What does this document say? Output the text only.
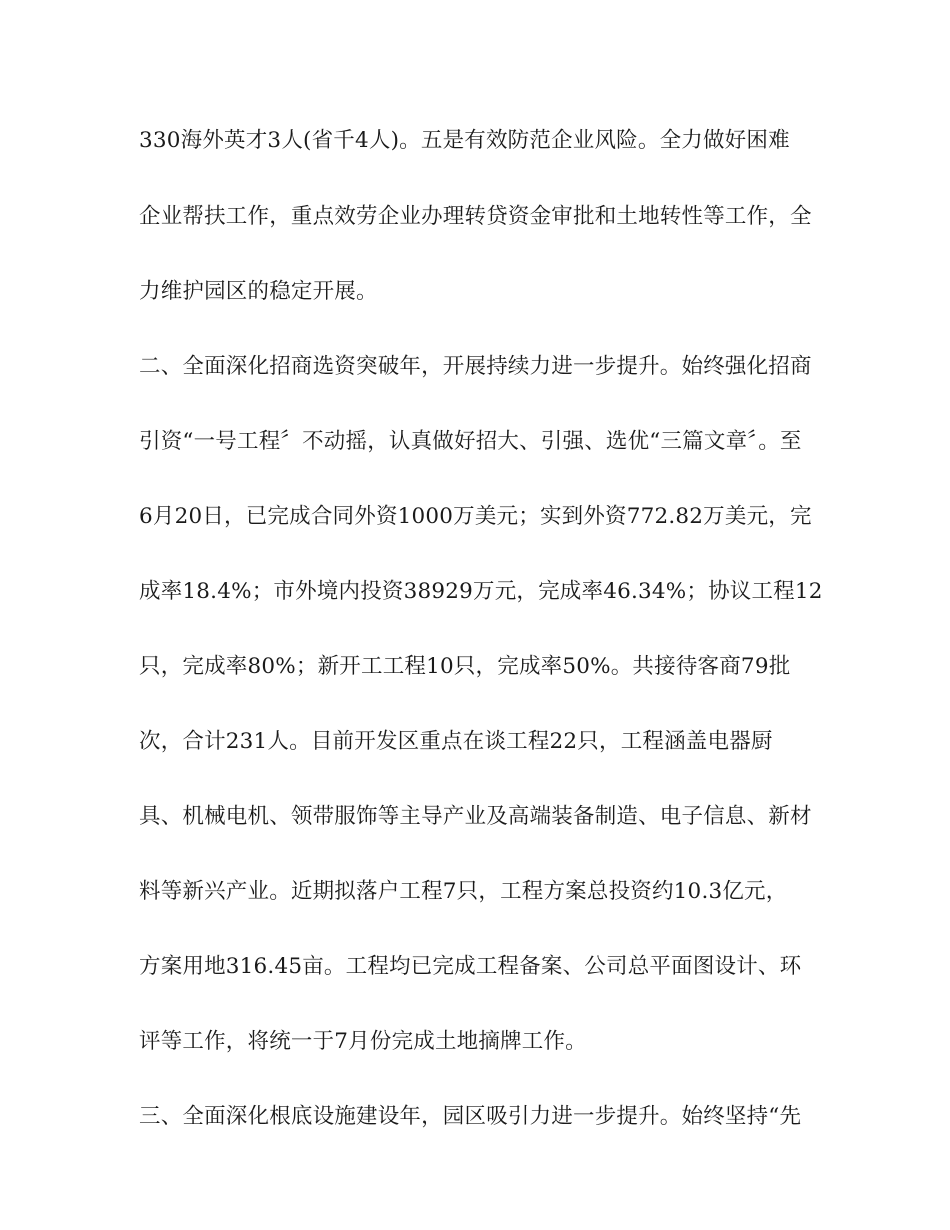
330海外英才3人(省千4人)。五是有效防范企业风险。全力做好困难
企业帮扶工作，重点效劳企业办理转贷资金审批和土地转性等工作，全
力维护园区的稳定开展。
二、全面深化招商选资突破年，开展持续力进一步提升。始终强化招商
引资“一号工程〞不动摇，认真做好招大、引强、选优“三篇文章〞。至
6月20日，已完成合同外资1000万美元；实到外资772.82万美元，完
成率18.4%；市外境内投资38929万元，完成率46.34%；协议工程12
只，完成率80%；新开工工程10只，完成率50%。共接待客商79批
次，合计231人。目前开发区重点在谈工程22只，工程涵盖电器厨
具、机械电机、领带服饰等主导产业及高端装备制造、电子信息、新材
料等新兴产业。近期拟落户工程7只，工程方案总投资约10.3亿元，
方案用地316.45亩。工程均已完成工程备案、公司总平面图设计、环
评等工作，将统一于7月份完成土地摘牌工作。
三、全面深化根底设施建设年，园区吸引力进一步提升。始终坚持“先
